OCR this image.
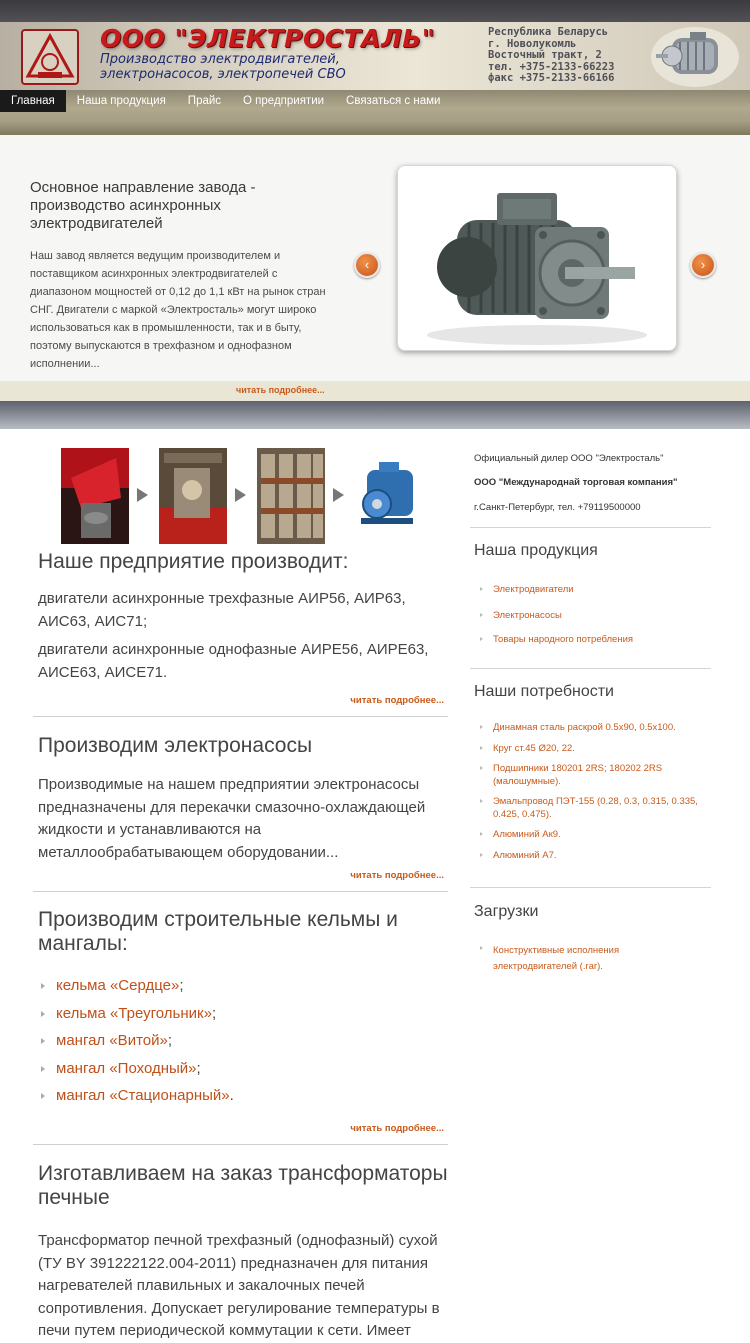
ООО "ЭЛЕКТРОСТАЛЬ"
Производство электродвигателей, электронасосов, электропечей СВО
Республика Беларусь
г. Новолукомль
Восточный тракт, 2
тел. +375-2133-66223
факс +375-2133-66166
Главная	Наша продукция	Прайс	О предприятии	Связаться с нами
Основное направление завода - производство асинхронных электродвигателей
Наш завод является ведущим производителем и поставщиком асинхронных электродвигателей с диапазоном мощностей от 0,12 до 1,1 кВт на рынок стран СНГ. Двигатели с маркой «Электросталь» могут широко использоваться как в промышленности, так и в быту, поэтому выпускаются в трехфазном и однофазном исполнении...
‹	›
читать подробнее...
Наше предприятие производит:

двигатели асинхронные трехфазные АИР56, АИР63, АИС63, АИС71;

двигатели асинхронные однофазные АИРЕ56, АИРЕ63, АИСЕ63, АИСЕ71.

читать подробнее...
Производим электронасосы

Производимые на нашем предприятии электронасосы предназначены для перекачки смазочно-охлаждающей жидкости и устанавливаются на металлообрабатывающем оборудовании...

читать подробнее...
Производим строительные кельмы и мангалы:
кельма «Сердце»;
кельма «Треугольник»;
мангал «Витой»;
мангал «Походный»;
мангал «Стационарный».
читать подробнее...
Изготавливаем на заказ трансформаторы печные

Трансформатор печной трехфазный (однофазный) сухой (ТУ BY 391222122.004-2011) предназначен для питания нагревателей плавильных и закалочных печей сопротивления. Допускает регулирование температуры в печи путем периодической коммутации к сети. Имеет

Официальный дилер ООО "Электросталь"
ООО "Международнай торговая компания"
г.Санкт-Петербург, тел. +79119500000
Наша продукция
Электродвигатели
Электронасосы
Товары народного потребления
Наши потребности
Динамная сталь раскрой 0.5х90, 0.5х100.
Круг ст.45 Ø20, 22.
Подшипники 180201 2RS; 180202 2RS (малошумные).
Эмальпровод ПЭТ-155 (0.28, 0.3, 0.315, 0.335, 0.425, 0.475).
Алюминий Ак9.
Алюминий А7.
Загрузки
Конструктивные исполнения электродвигателей (.rar).
